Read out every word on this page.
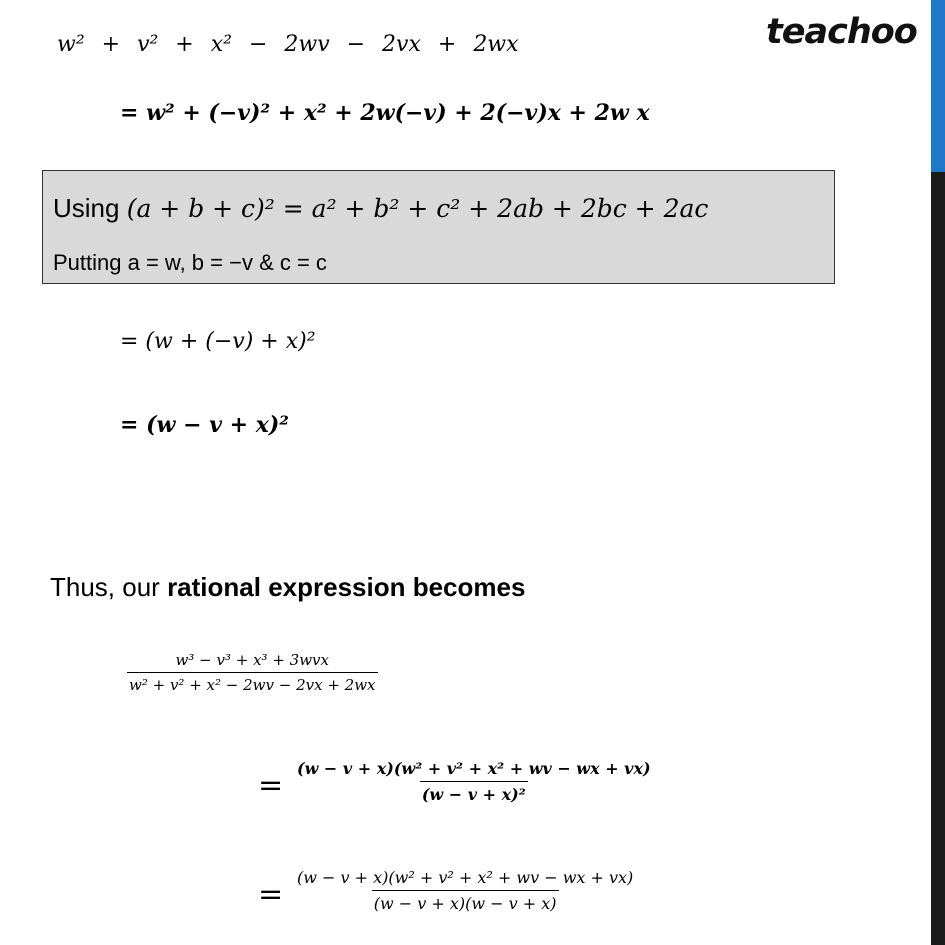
teachoo
w² + v² + x² − 2wv − 2vx + 2wx
= w² + (−v)² + x² + 2w(−v) + 2(−v)x + 2w x
Using (a + b + c)² = a² + b² + c² + 2ab + 2bc + 2ac
Putting a = w, b = −v & c = c
= (w + (−v) + x)²
= (w − v + x)²
Thus, our rational expression becomes
w³ − v³ + x³ + 3wvx
w² + v² + x² − 2wv − 2vx + 2wx
= $\frac{\text{(w − v + x)(w² + v² + x² + wv − wx + vx)}}{\text{(w − v + x)²}}$
= $\frac{\text{(w − v + x)(w² + v² + x² + wv − wx + vx)}}{(w - v + x)(w - v + x)}$
